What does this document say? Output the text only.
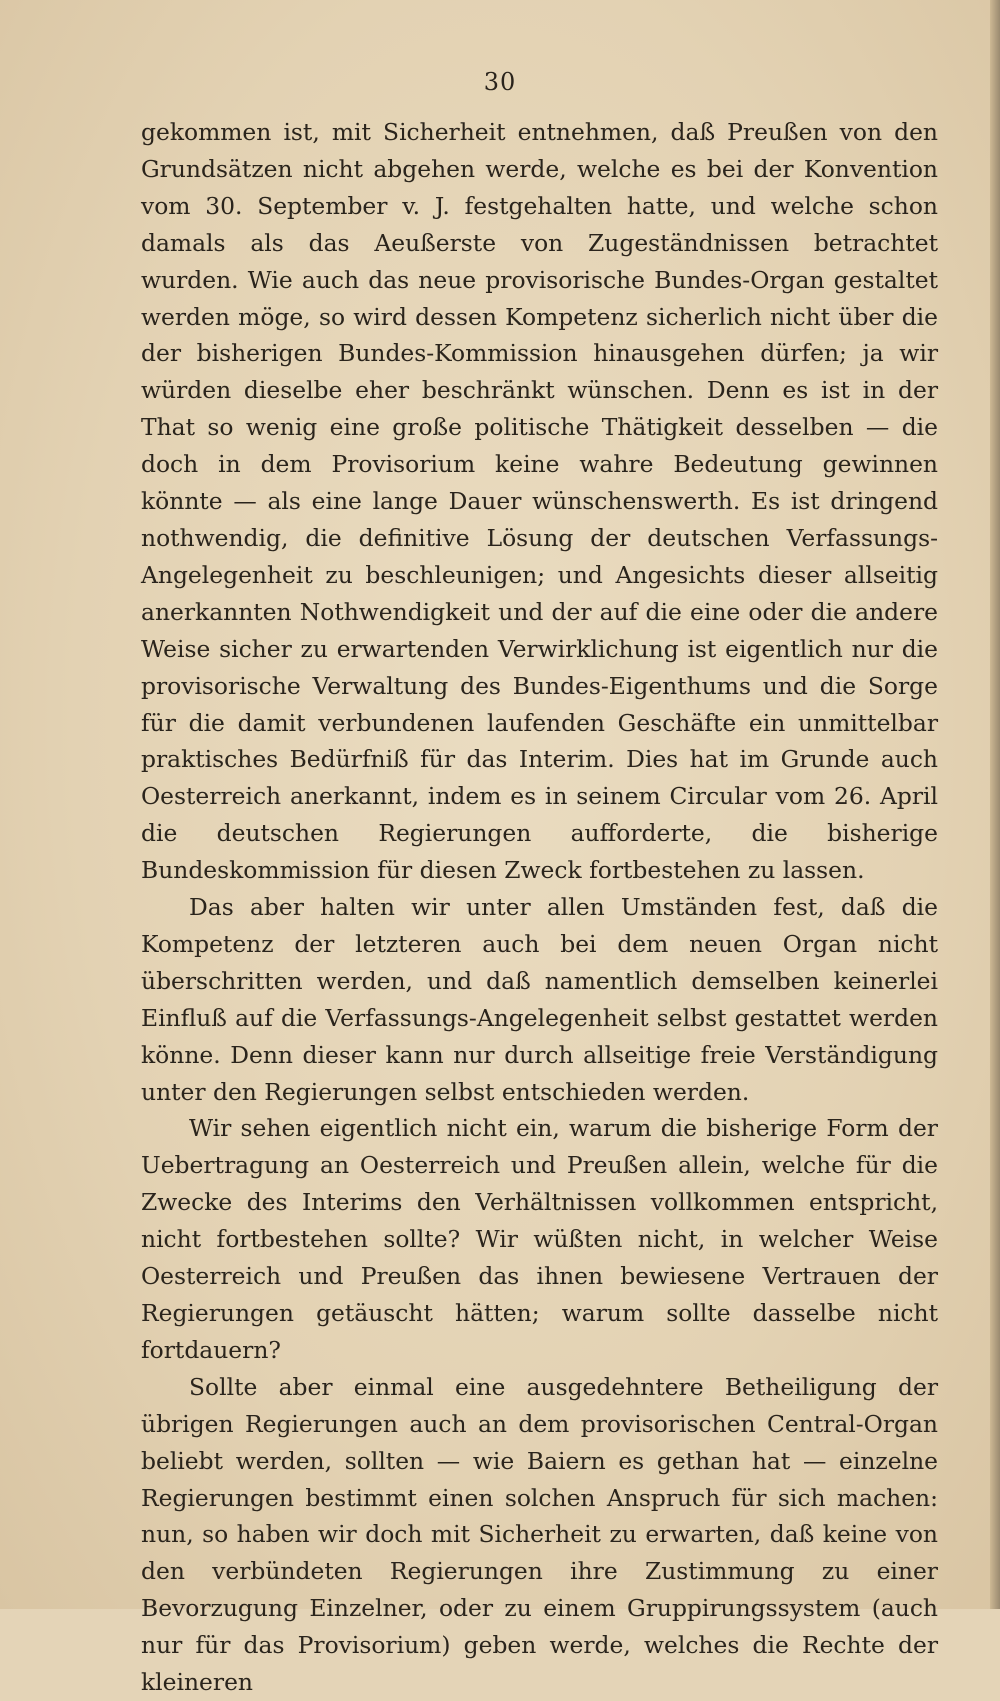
30

gekommen ist, mit Sicherheit entnehmen, daß Preußen von den Grundsätzen nicht abgehen werde, welche es bei der Konvention vom 30. September v. J. festgehalten hatte, und welche schon damals als das Aeußerste von Zugeständnissen betrachtet wurden. Wie auch das neue provisorische Bundes-Organ gestaltet werden möge, so wird dessen Kompetenz sicherlich nicht über die der bisherigen Bundes-Kommission hinausgehen dürfen; ja wir würden dieselbe eher beschränkt wünschen. Denn es ist in der That so wenig eine große politische Thätigkeit desselben — die doch in dem Provisorium keine wahre Bedeutung gewinnen könnte — als eine lange Dauer wünschenswerth. Es ist dringend nothwendig, die definitive Lösung der deutschen Verfassungs-Angelegenheit zu beschleunigen; und Angesichts dieser allseitig anerkannten Nothwendigkeit und der auf die eine oder die andere Weise sicher zu erwartenden Verwirklichung ist eigentlich nur die provisorische Verwaltung des Bundes-Eigenthums und die Sorge für die damit verbundenen laufenden Geschäfte ein unmittelbar praktisches Bedürfniß für das Interim. Dies hat im Grunde auch Oesterreich anerkannt, indem es in seinem Circular vom 26. April die deutschen Regierungen aufforderte, die bisherige Bundeskommission für diesen Zweck fortbestehen zu lassen.

Das aber halten wir unter allen Umständen fest, daß die Kompetenz der letzteren auch bei dem neuen Organ nicht überschritten werden, und daß namentlich demselben keinerlei Einfluß auf die Verfassungs-Angelegenheit selbst gestattet werden könne. Denn dieser kann nur durch allseitige freie Verständigung unter den Regierungen selbst entschieden werden.

Wir sehen eigentlich nicht ein, warum die bisherige Form der Uebertragung an Oesterreich und Preußen allein, welche für die Zwecke des Interims den Verhältnissen vollkommen entspricht, nicht fortbestehen sollte? Wir wüßten nicht, in welcher Weise Oesterreich und Preußen das ihnen bewiesene Vertrauen der Regierungen getäuscht hätten; warum sollte dasselbe nicht fortdauern?

Sollte aber einmal eine ausgedehntere Betheiligung der übrigen Regierungen auch an dem provisorischen Central-Organ beliebt werden, sollten — wie Baiern es gethan hat — einzelne Regierungen bestimmt einen solchen Anspruch für sich machen: nun, so haben wir doch mit Sicherheit zu erwarten, daß keine von den verbündeten Regierungen ihre Zustimmung zu einer Bevorzugung Einzelner, oder zu einem Gruppirungssystem (auch nur für das Provisorium) geben werde, welches die Rechte der kleineren
